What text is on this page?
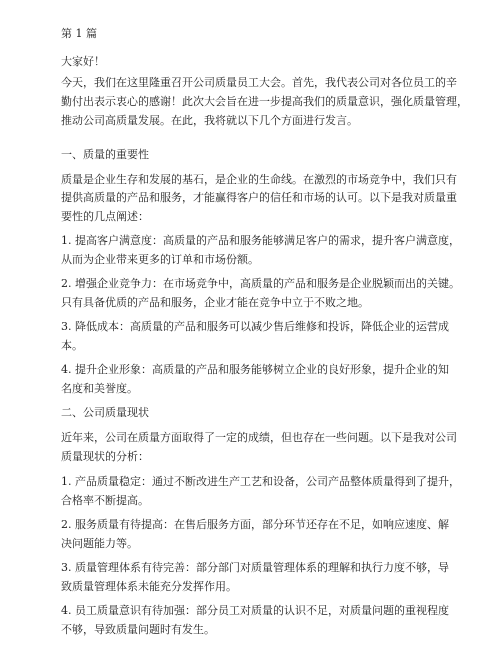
第 1 篇
大家好！
今天，我们在这里隆重召开公司质量员工大会。首先，我代表公司对各位员工的辛
勤付出表示衷心的感谢！此次大会旨在进一步提高我们的质量意识，强化质量管理，
推动公司高质量发展。在此，我将就以下几个方面进行发言。
一、质量的重要性
质量是企业生存和发展的基石，是企业的生命线。在激烈的市场竞争中，我们只有
提供高质量的产品和服务，才能赢得客户的信任和市场的认可。以下是我对质量重
要性的几点阐述：
1. 提高客户满意度：高质量的产品和服务能够满足客户的需求，提升客户满意度，
从而为企业带来更多的订单和市场份额。
2. 增强企业竞争力：在市场竞争中，高质量的产品和服务是企业脱颖而出的关键。
只有具备优质的产品和服务，企业才能在竞争中立于不败之地。
3. 降低成本：高质量的产品和服务可以减少售后维修和投诉，降低企业的运营成
本。
4. 提升企业形象：高质量的产品和服务能够树立企业的良好形象，提升企业的知
名度和美誉度。
二、公司质量现状
近年来，公司在质量方面取得了一定的成绩，但也存在一些问题。以下是我对公司
质量现状的分析：
1. 产品质量稳定：通过不断改进生产工艺和设备，公司产品整体质量得到了提升，
合格率不断提高。
2. 服务质量有待提高：在售后服务方面，部分环节还存在不足，如响应速度、解
决问题能力等。
3. 质量管理体系有待完善：部分部门对质量管理体系的理解和执行力度不够，导
致质量管理体系未能充分发挥作用。
4. 员工质量意识有待加强：部分员工对质量的认识不足，对质量问题的重视程度
不够，导致质量问题时有发生。
